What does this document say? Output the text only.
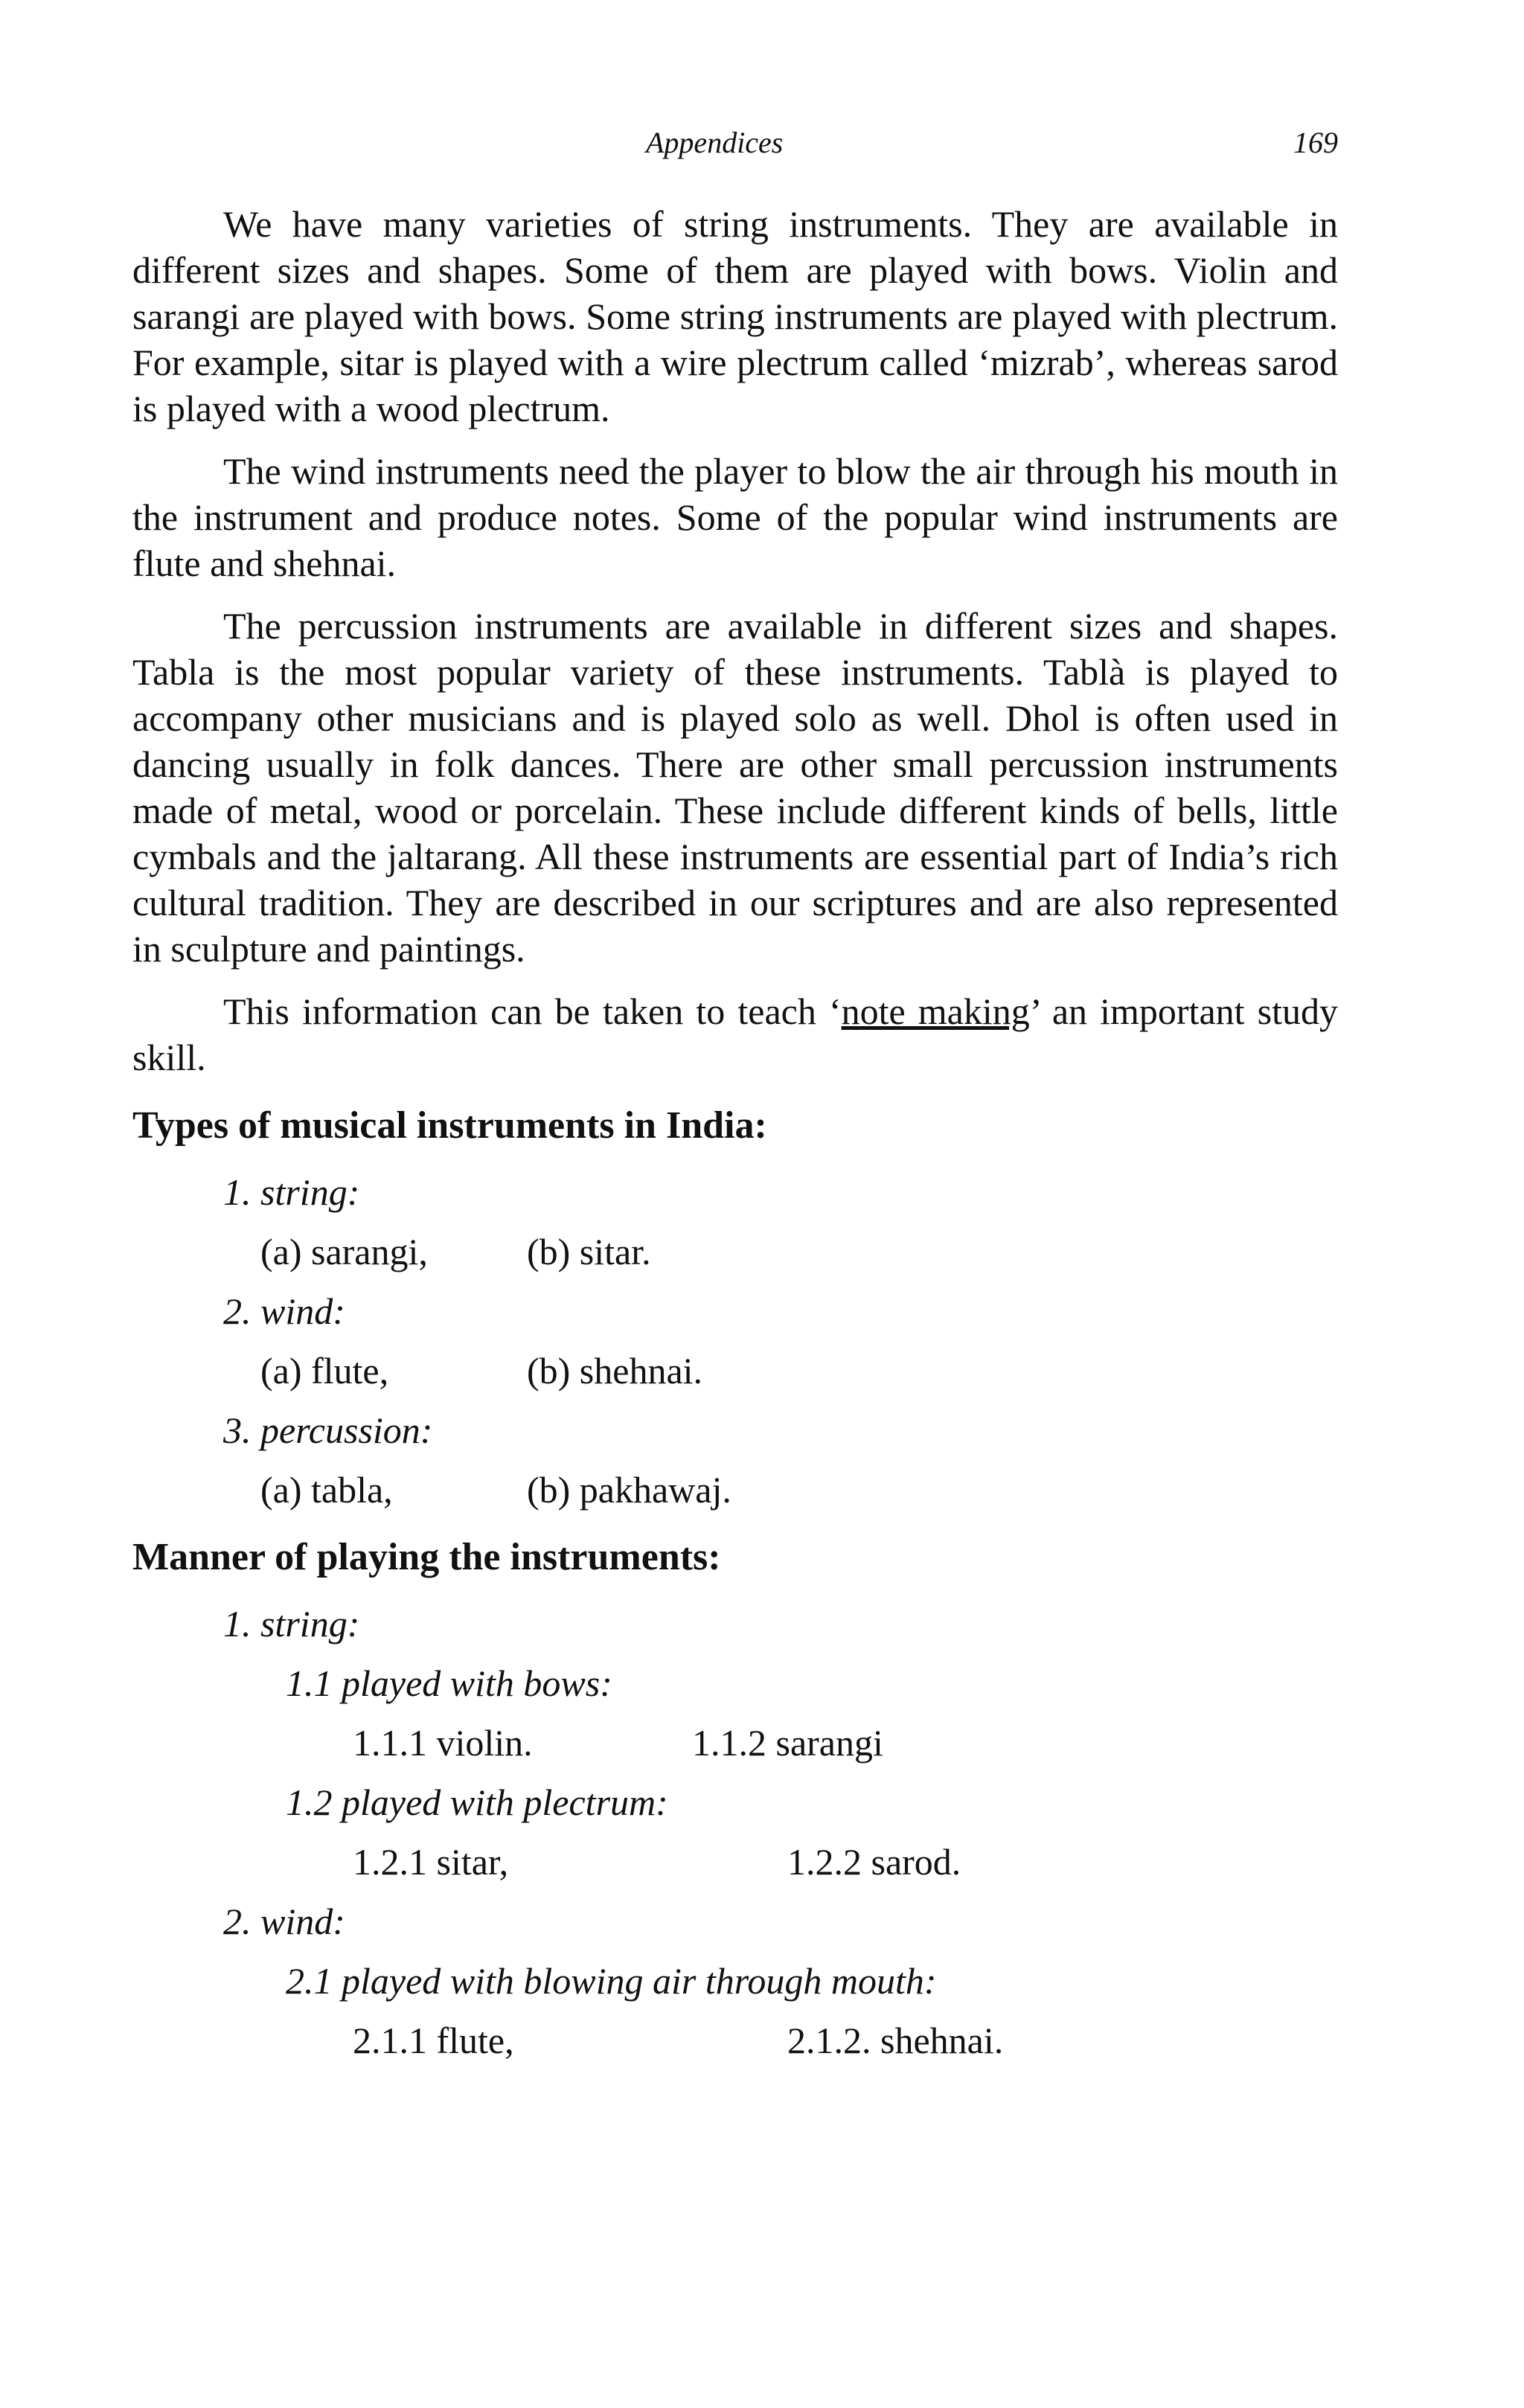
Appendices	169

We have many varieties of string instruments. They are available in different sizes and shapes. Some of them are played with bows. Violin and sarangi are played with bows. Some string instruments are played with plectrum. For example, sitar is played with a wire plectrum called ‘mizrab’, whereas sarod is played with a wood plectrum.

The wind instruments need the player to blow the air through his mouth in the instrument and produce notes. Some of the popular wind instruments are flute and shehnai.

The percussion instruments are available in different sizes and shapes. Tabla is the most popular variety of these instruments. Tablà is played to accompany other musicians and is played solo as well. Dhol is often used in dancing usually in folk dances. There are other small percussion instruments made of metal, wood or porcelain. These include different kinds of bells, little cymbals and the jaltarang. All these instruments are essential part of India’s rich cultural tradition. They are described in our scriptures and are also represented in sculpture and paintings.

This information can be taken to teach ‘note making’ an important study skill.

Types of musical instruments in India:
1. string:
(a) sarangi,	(b) sitar.
2. wind:
(a) flute,	(b) shehnai.
3. percussion:
(a) tabla,	(b) pakhawaj.
Manner of playing the instruments:
1. string:
1.1 played with bows:
1.1.1 violin.	1.1.2 sarangi
1.2 played with plectrum:
1.2.1 sitar,	1.2.2 sarod.
2. wind:
2.1 played with blowing air through mouth:
2.1.1 flute,	2.1.2. shehnai.
